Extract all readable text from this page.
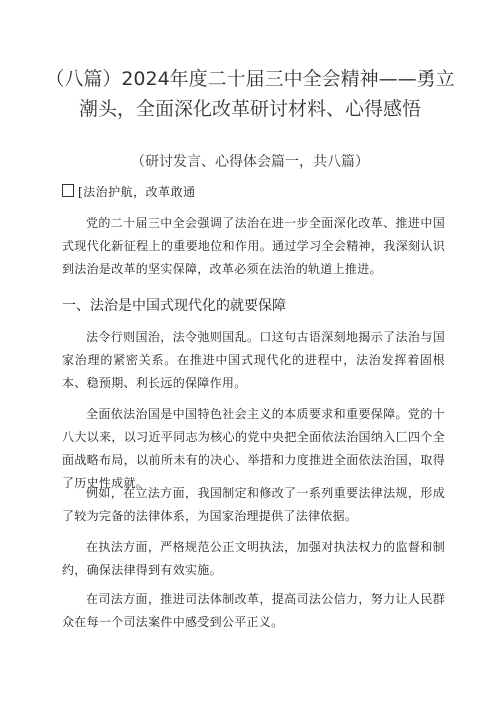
（八篇）2024年度二十届三中全会精神——勇立潮头，全面深化改革研讨材料、心得感悟
（研讨发言、心得体会篇一，共八篇）
[法治护航，改革敢通

党的二十届三中全会强调了法治在进一步全面深化改革、推进中国式现代化新征程上的重要地位和作用。通过学习全会精神，我深刻认识到法治是改革的坚实保障，改革必须在法治的轨道上推进。

一、法治是中国式现代化的就要保障

法令行则国治，法令弛则国乱。口这句古语深刻地揭示了法治与国家治理的紧密关系。在推进中国式现代化的进程中，法治发挥着固根本、稳预期、利长远的保障作用。

全面依法治国是中国特色社会主义的本质要求和重要保障。党的十八大以来，以习近平同志为核心的党中央把全面依法治国纳入匚四个全面战略布局，以前所未有的决心、举措和力度推进全面依法治国，取得了历史性成就。

例如，在立法方面，我国制定和修改了一系列重要法律法规，形成了较为完备的法律体系，为国家治理提供了法律依据。

在执法方面，严格规范公正文明执法，加强对执法权力的监督和制约，确保法律得到有效实施。

在司法方面，推进司法体制改革，提高司法公信力，努力让人民群众在每一个司法案件中感受到公平正义。
